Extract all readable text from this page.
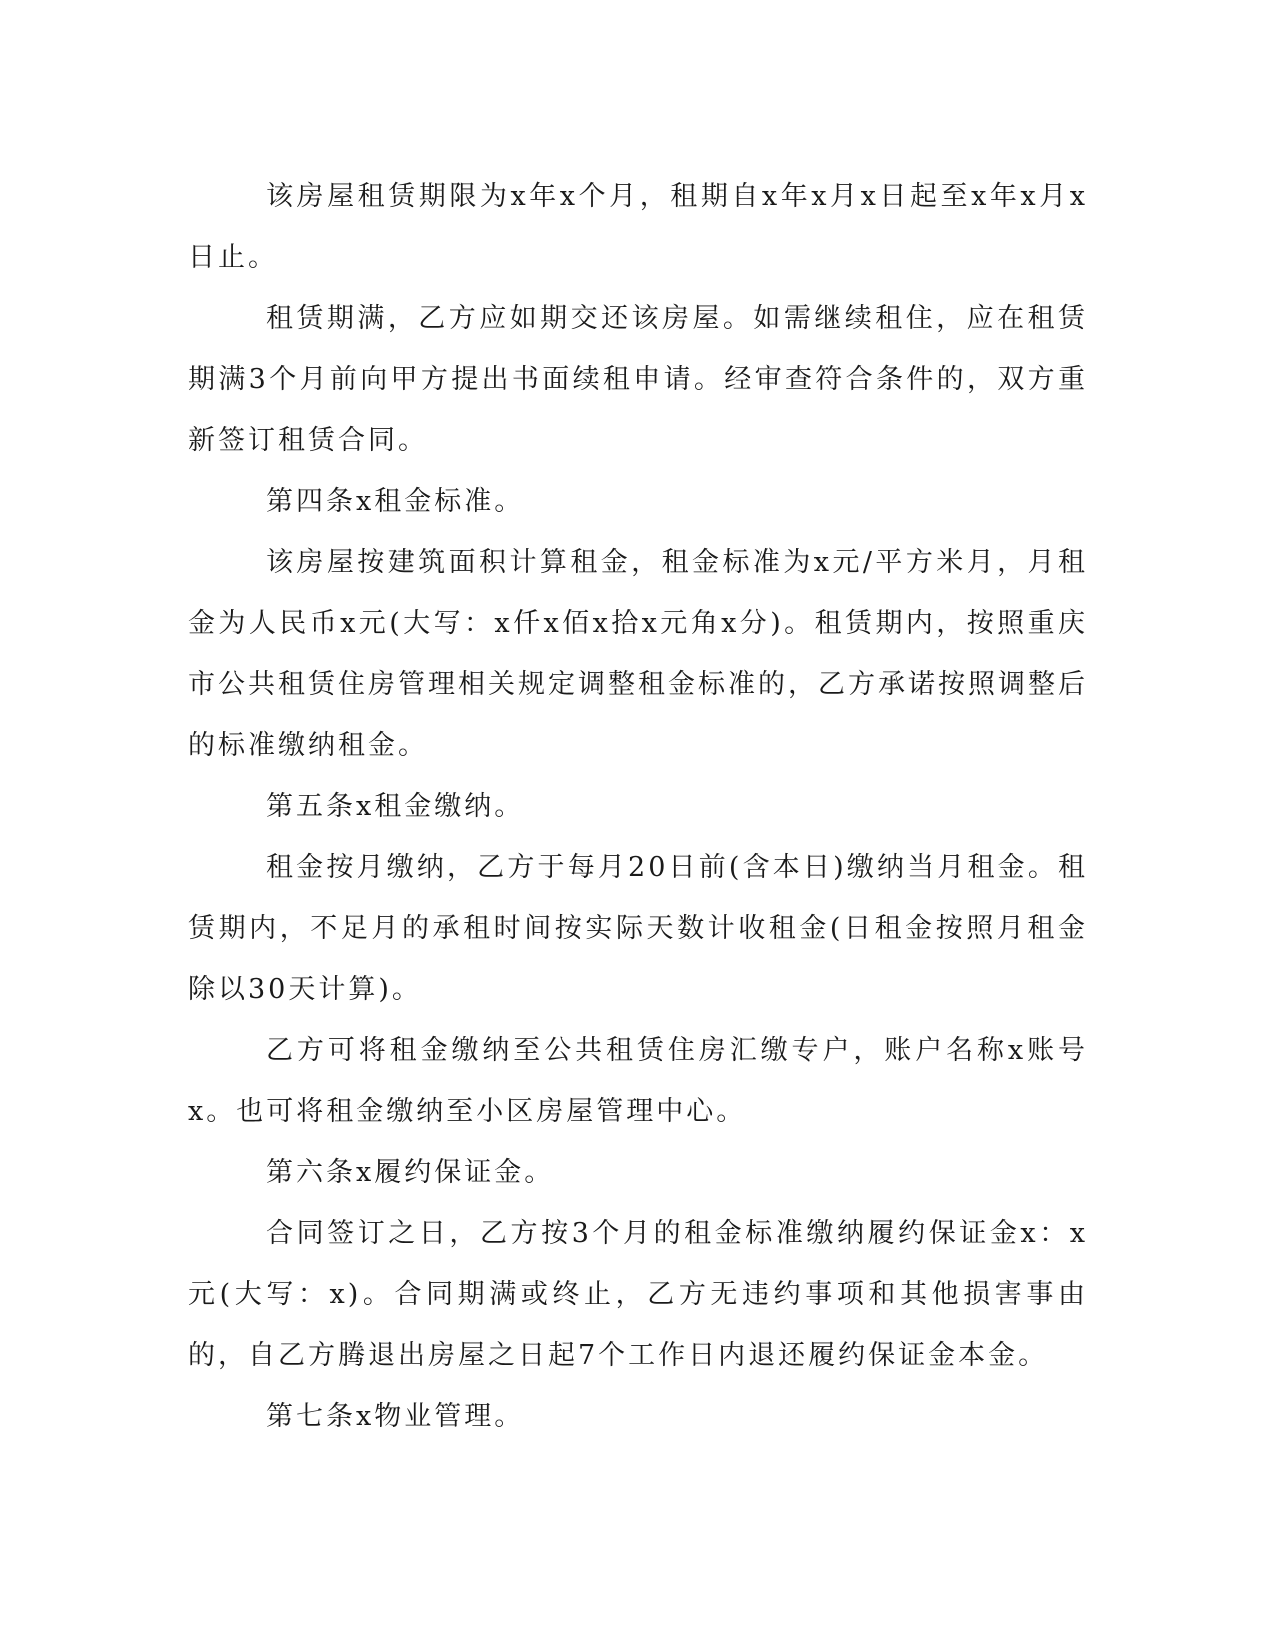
该房屋租赁期限为x年x个月，租期自x年x月x日起至x年x月x日止。

租赁期满，乙方应如期交还该房屋。如需继续租住，应在租赁期满3个月前向甲方提出书面续租申请。经审查符合条件的，双方重新签订租赁合同。

第四条x租金标准。

该房屋按建筑面积计算租金，租金标准为x元/平方米月，月租金为人民币x元(大写：x仟x佰x拾x元角x分)。租赁期内，按照重庆市公共租赁住房管理相关规定调整租金标准的，乙方承诺按照调整后的标准缴纳租金。

第五条x租金缴纳。

租金按月缴纳，乙方于每月20日前(含本日)缴纳当月租金。租赁期内，不足月的承租时间按实际天数计收租金(日租金按照月租金除以30天计算)。

乙方可将租金缴纳至公共租赁住房汇缴专户，账户名称x账号x。也可将租金缴纳至小区房屋管理中心。

第六条x履约保证金。

合同签订之日，乙方按3个月的租金标准缴纳履约保证金x：x元(大写：x)。合同期满或终止，乙方无违约事项和其他损害事由的，自乙方腾退出房屋之日起7个工作日内退还履约保证金本金。

第七条x物业管理。
